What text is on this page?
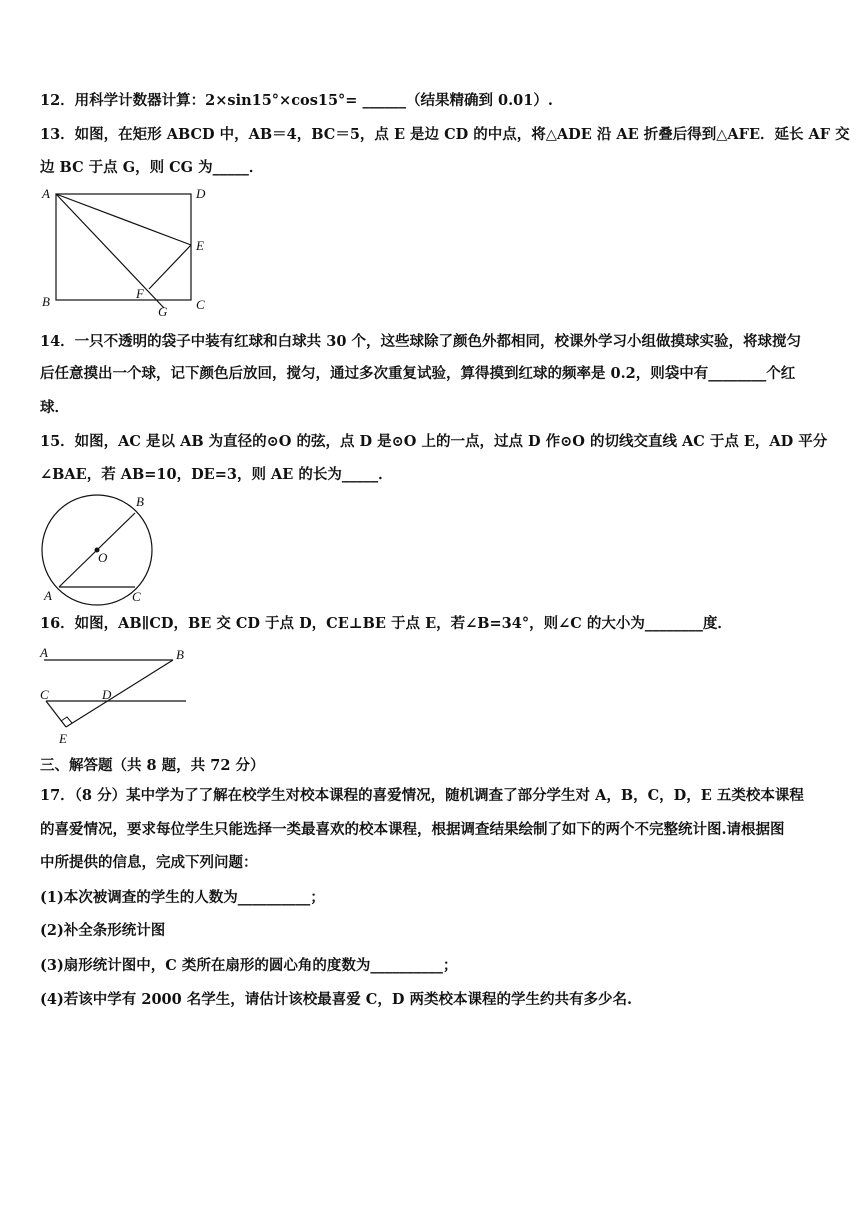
12．用科学计数器计算：2×sin15°×cos15°= ______（结果精确到 0.01）.
13．如图，在矩形 ABCD 中，AB＝4，BC＝5，点 E 是边 CD 的中点，将△ADE 沿 AE 折叠后得到△AFE．延长 AF 交
边 BC 于点 G，则 CG 为_____．
A	D
E
B	C
F
G
14．一只不透明的袋子中装有红球和白球共 30 个，这些球除了颜色外都相同，校课外学习小组做摸球实验，将球搅匀
后任意摸出一个球，记下颜色后放回，搅匀，通过多次重复试验，算得摸到红球的频率是 0.2，则袋中有________个红
球．
15．如图，AC 是以 AB 为直径的⊙O 的弦，点 D 是⊙O 上的一点，过点 D 作⊙O 的切线交直线 AC 于点 E，AD 平分
∠BAE，若 AB=10，DE=3，则 AE 的长为_____．
B
O
A	C
16．如图，AB∥CD，BE 交 CD 于点 D，CE⊥BE 于点 E，若∠B=34°，则∠C 的大小为________度．
A	B
C	D
E
三、解答题（共 8 题，共 72 分）
17．（8 分）某中学为了了解在校学生对校本课程的喜爱情况，随机调查了部分学生对 A，B，C，D，E 五类校本课程
的喜爱情况，要求每位学生只能选择一类最喜欢的校本课程，根据调查结果绘制了如下的两个不完整统计图.请根据图
中所提供的信息，完成下列问题：
(1)本次被调查的学生的人数为__________；
(2)补全条形统计图
(3)扇形统计图中，C 类所在扇形的圆心角的度数为__________；
(4)若该中学有 2000 名学生，请估计该校最喜爱 C，D 两类校本课程的学生约共有多少名.
